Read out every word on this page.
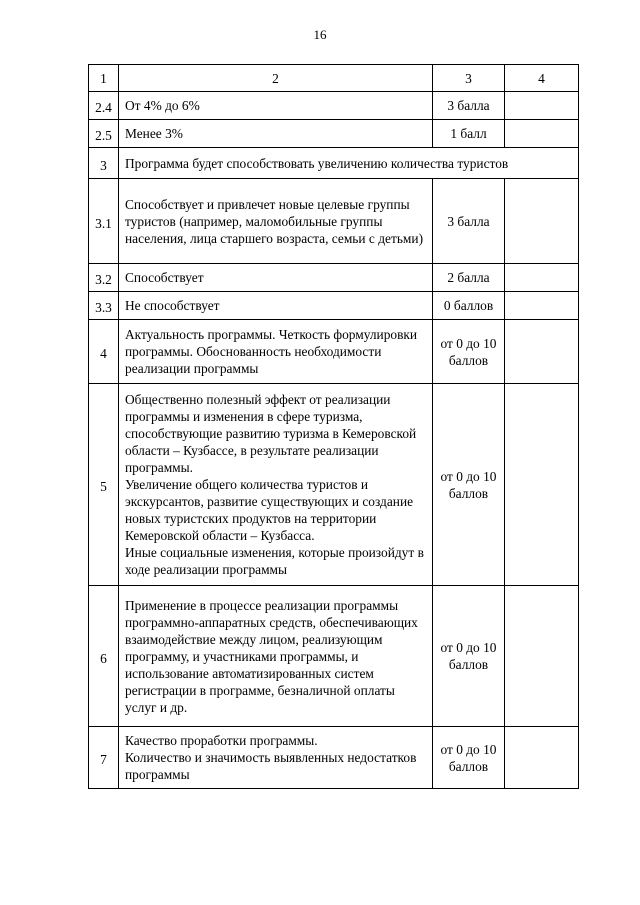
16
1	2	3	4
2.4	От 4% до 6%	3 балла	
2.5	Менее 3%	1 балл	
3	Программа будет способствовать увеличению количества туристов		
3.1	Способствует и привлечет новые целевые группы туристов (например, маломобильные группы населения, лица старшего возраста, семьи с детьми)	3 балла	
3.2	Способствует	2 балла	
3.3	Не способствует	0 баллов	
4	Актуальность программы. Четкость формулировки программы. Обоснованность необходимости реализации программы	от 0 до 10 баллов	
5	Общественно полезный эффект от реализации программы и изменения в сфере туризма, способствующие развитию туризма в Кемеровской области – Кузбассе, в результате реализации программы.
Увеличение общего количества туристов и экскурсантов, развитие существующих и создание новых туристских продуктов на территории Кемеровской области – Кузбасса.
Иные социальные изменения, которые произойдут в ходе реализации программы	от 0 до 10 баллов	
6	Применение в процессе реализации программы программно-аппаратных средств, обеспечивающих взаимодействие между лицом, реализующим программу, и участниками программы, и использование автоматизированных систем регистрации в программе, безналичной оплаты услуг и др.	от 0 до 10 баллов	
7	Качество проработки программы.
Количество и значимость выявленных недостатков   программы	от 0 до 10 баллов	
